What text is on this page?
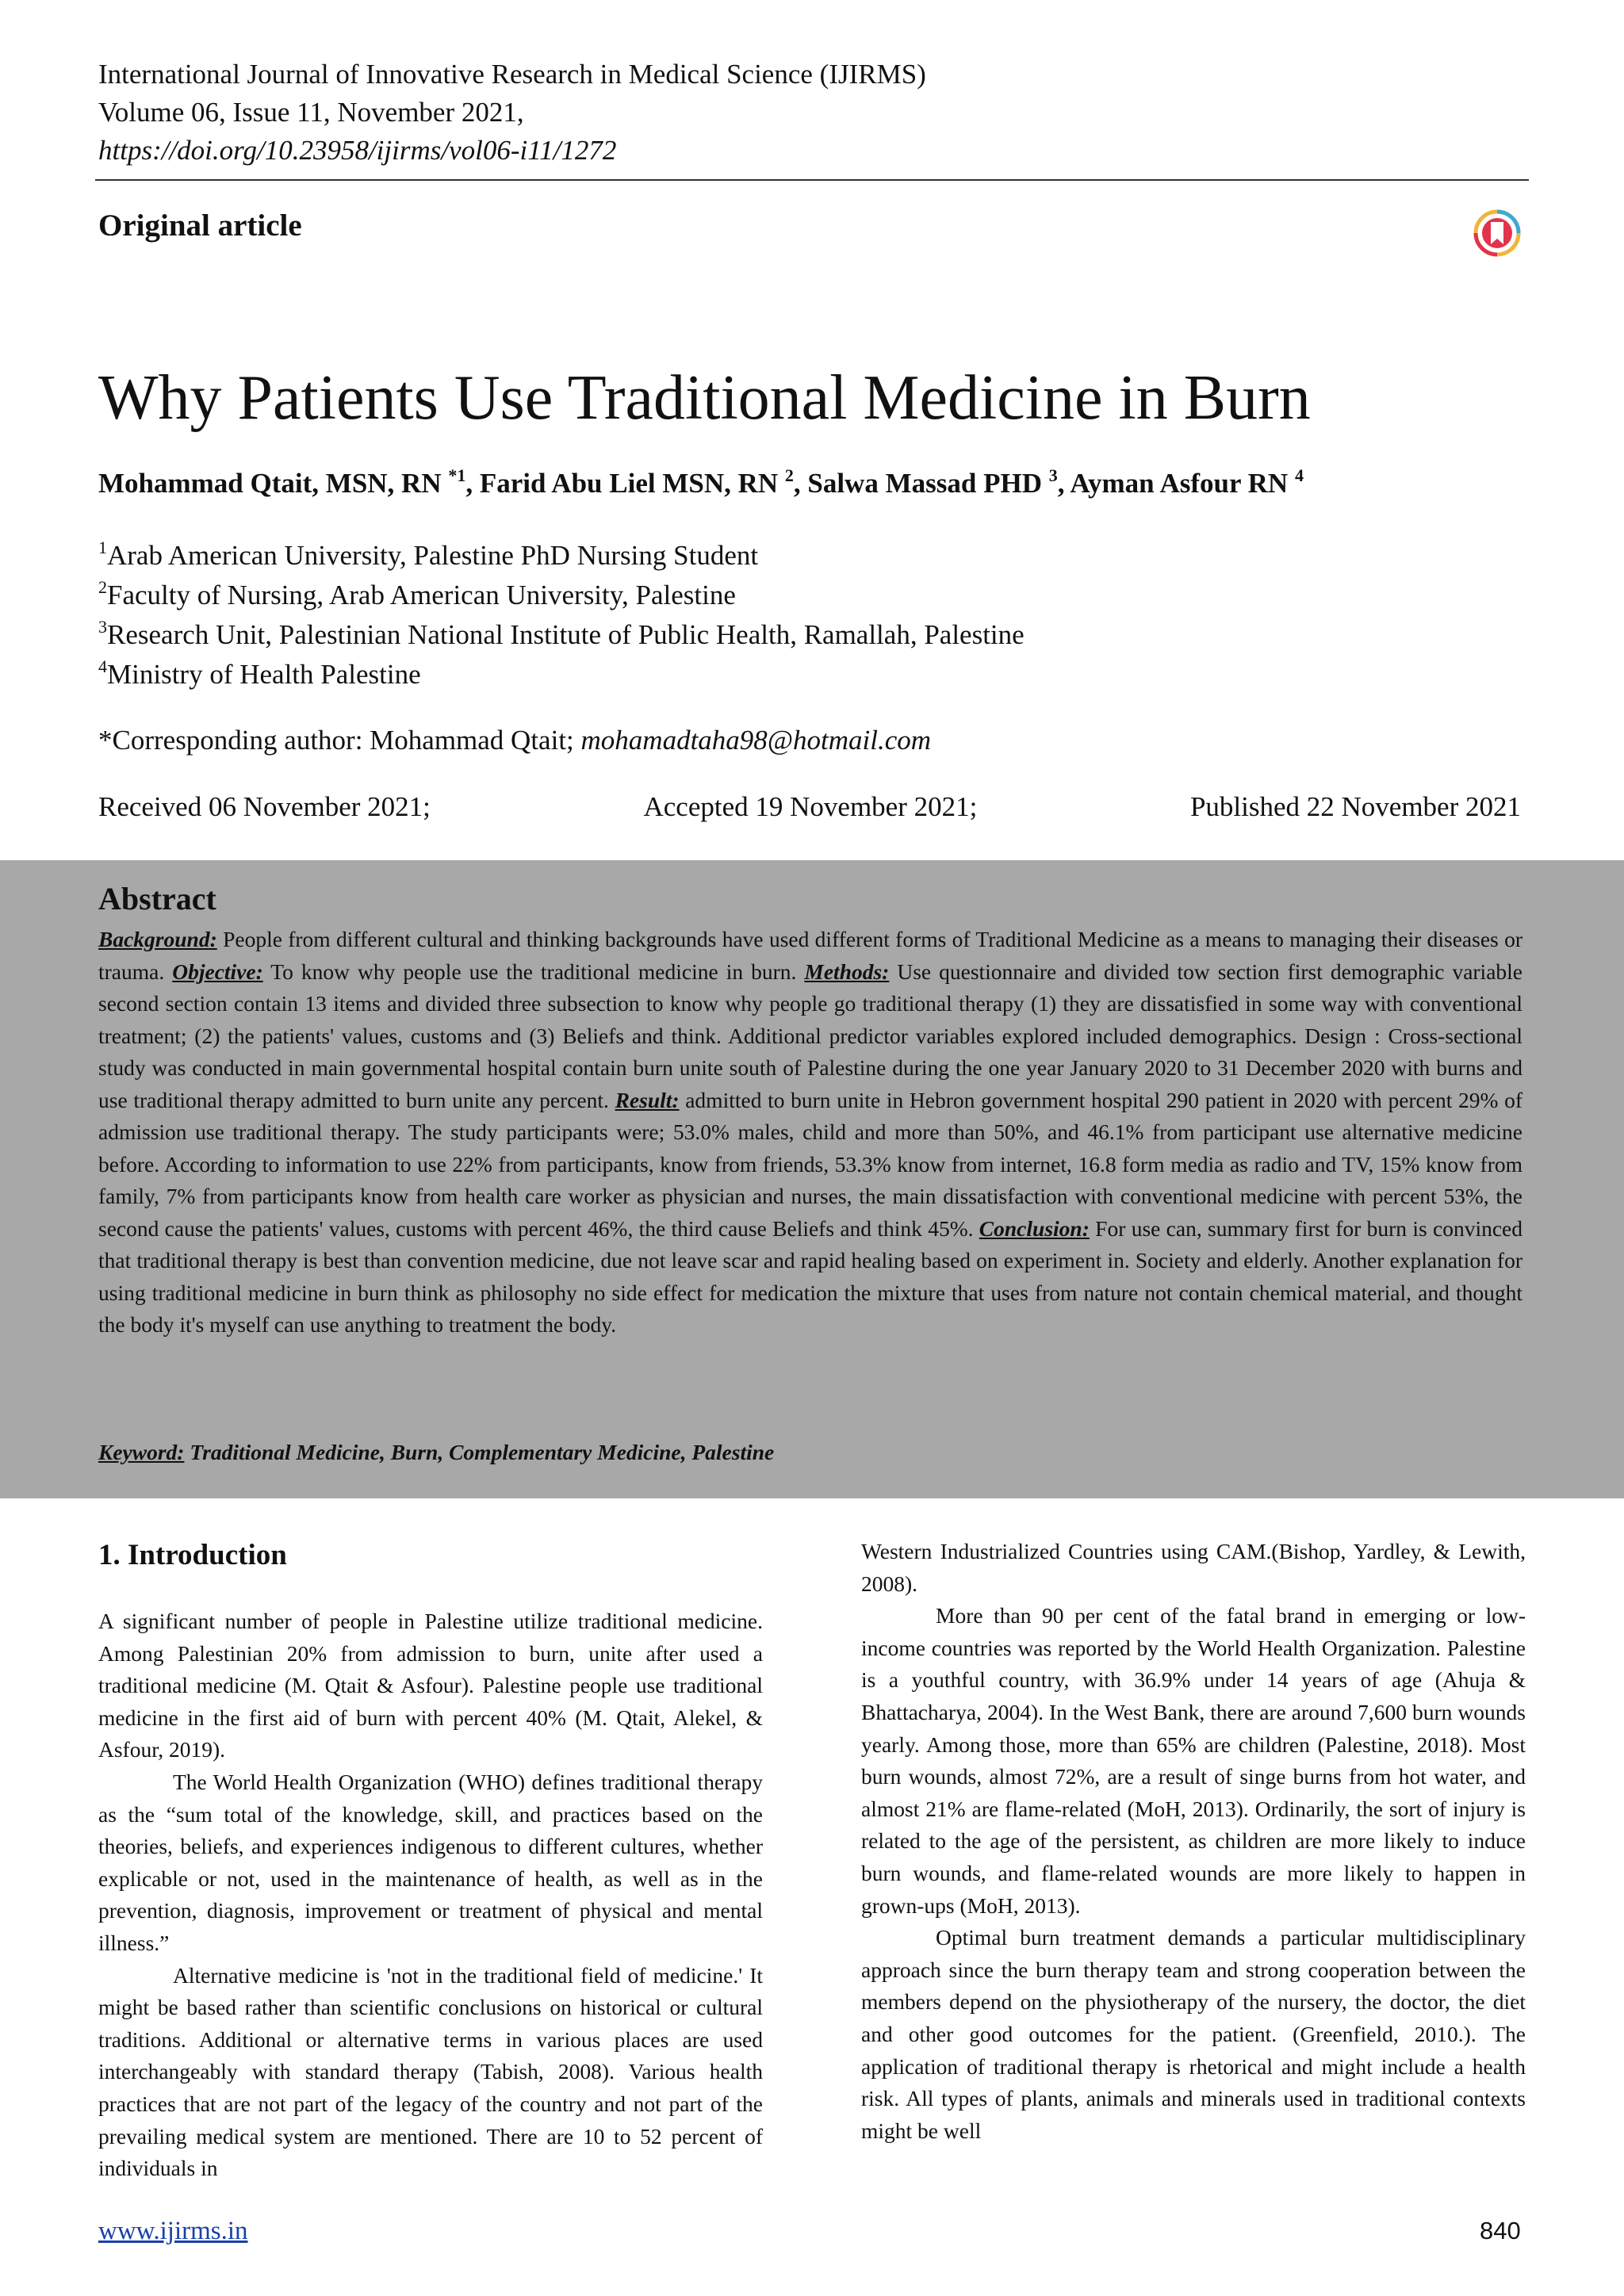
International Journal of Innovative Research in Medical Science (IJIRMS)
Volume 06, Issue 11, November 2021,
https://doi.org/10.23958/ijirms/vol06-i11/1272
Original article
Why Patients Use Traditional Medicine in Burn
Mohammad Qtait, MSN, RN $^{*1}$, Farid Abu Liel MSN, RN $^2$, Salwa Massad PHD $^3$, Ayman Asfour RN $^4$
$^1$Arab American University, Palestine PhD Nursing Student
$^2$Faculty of Nursing, Arab American University, Palestine
$^3$Research Unit, Palestinian National Institute of Public Health, Ramallah, Palestine
$^4$Ministry of Health Palestine
*Corresponding author: Mohammad Qtait; mohamadtaha98@hotmail.com
Received 06 November 2021;	Accepted 19 November 2021;	Published 22 November 2021
Abstract
Background: People from different cultural and thinking backgrounds have used different forms of Traditional Medicine as a means to managing their diseases or trauma. Objective: To know why people use the traditional medicine in burn. Methods: Use questionnaire and divided tow section first demographic variable second section contain 13 items and divided three subsection to know why people go traditional therapy (1) they are dissatisfied in some way with conventional treatment; (2) the patients' values, customs and (3) Beliefs and think. Additional predictor variables explored included demographics. Design : Cross-sectional study was conducted in main governmental hospital contain burn unite south of Palestine during the one year January 2020 to 31 December 2020 with burns and use traditional therapy admitted to burn unite any percent. Result: admitted to burn unite in Hebron government hospital 290 patient in 2020 with percent 29% of admission use traditional therapy. The study participants were; 53.0% males, child and more than 50%, and 46.1% from participant use alternative medicine before. According to information to use 22% from participants, know from friends, 53.3% know from internet, 16.8 form media as radio and TV, 15% know from family, 7% from participants know from health care worker as physician and nurses, the main dissatisfaction with conventional medicine with percent 53%, the second cause the patients' values, customs with percent 46%, the third cause Beliefs and think 45%. Conclusion: For use can, summary first for burn is convinced that traditional therapy is best than convention medicine, due not leave scar and rapid healing based on experiment in. Society and elderly. Another explanation for using traditional medicine in burn think as philosophy no side effect for medication the mixture that uses from nature not contain chemical material, and thought the body it's myself can use anything to treatment the body.
Keyword: Traditional Medicine, Burn, Complementary Medicine, Palestine
1. Introduction

A significant number of people in Palestine utilize traditional medicine. Among Palestinian 20% from admission to burn, unite after used a traditional medicine (M. Qtait & Asfour). Palestine people use traditional medicine in the first aid of burn with percent 40% (M. Qtait, Alekel, & Asfour, 2019).

The World Health Organization (WHO) defines traditional therapy as the “sum total of the knowledge, skill, and practices based on the theories, beliefs, and experiences indigenous to different cultures, whether explicable or not, used in the maintenance of health, as well as in the prevention, diagnosis, improvement or treatment of physical and mental illness.”

Alternative medicine is 'not in the traditional field of medicine.' It might be based rather than scientific conclusions on historical or cultural traditions. Additional or alternative terms in various places are used interchangeably with standard therapy (Tabish, 2008). Various health practices that are not part of the legacy of the country and not part of the prevailing medical system are mentioned. There are 10 to 52 percent of individuals in

Western Industrialized Countries using CAM.(Bishop, Yardley, & Lewith, 2008).

More than 90 per cent of the fatal brand in emerging or low-income countries was reported by the World Health Organization. Palestine is a youthful country, with 36.9% under 14 years of age (Ahuja & Bhattacharya, 2004). In the West Bank, there are around 7,600 burn wounds yearly. Among those, more than 65% are children (Palestine, 2018). Most burn wounds, almost 72%, are a result of singe burns from hot water, and almost 21% are flame-related (MoH, 2013). Ordinarily, the sort of injury is related to the age of the persistent, as children are more likely to induce burn wounds, and flame-related wounds are more likely to happen in grown-ups (MoH, 2013).

Optimal burn treatment demands a particular multidisciplinary approach since the burn therapy team and strong cooperation between the members depend on the physiotherapy of the nursery, the doctor, the diet and other good outcomes for the patient. (Greenfield, 2010.). The application of traditional therapy is rhetorical and might include a health risk. All types of plants, animals and minerals used in traditional contexts might be well

www.ijirms.in	840
